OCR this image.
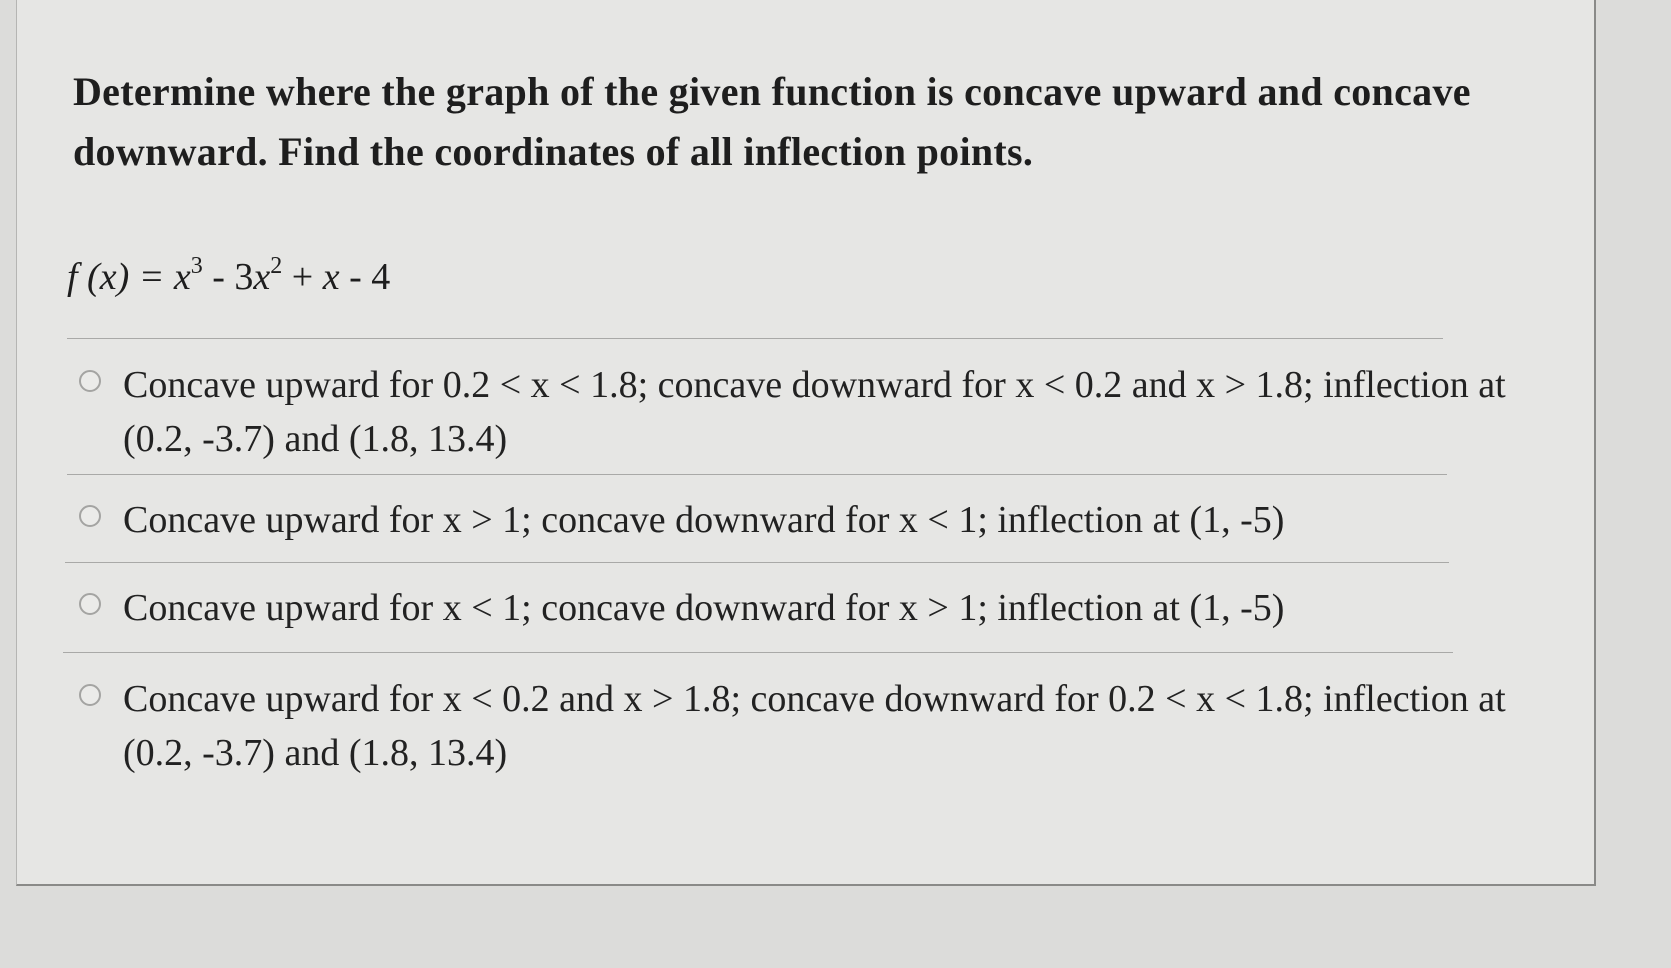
Determine where the graph of the given function is concave upward and concave downward. Find the coordinates of all inflection points.
f $(x) = x^3 - 3x^2 + x - 4$
Concave upward for 0.2 < x < 1.8; concave downward for x < 0.2 and x > 1.8; inflection at (0.2, -3.7) and (1.8, 13.4)
Concave upward for x > 1; concave downward for x < 1; inflection at (1, -5)
Concave upward for x < 1; concave downward for x > 1; inflection at (1, -5)
Concave upward for x < 0.2 and x > 1.8; concave downward for 0.2 < x < 1.8; inflection at (0.2, -3.7) and (1.8, 13.4)
